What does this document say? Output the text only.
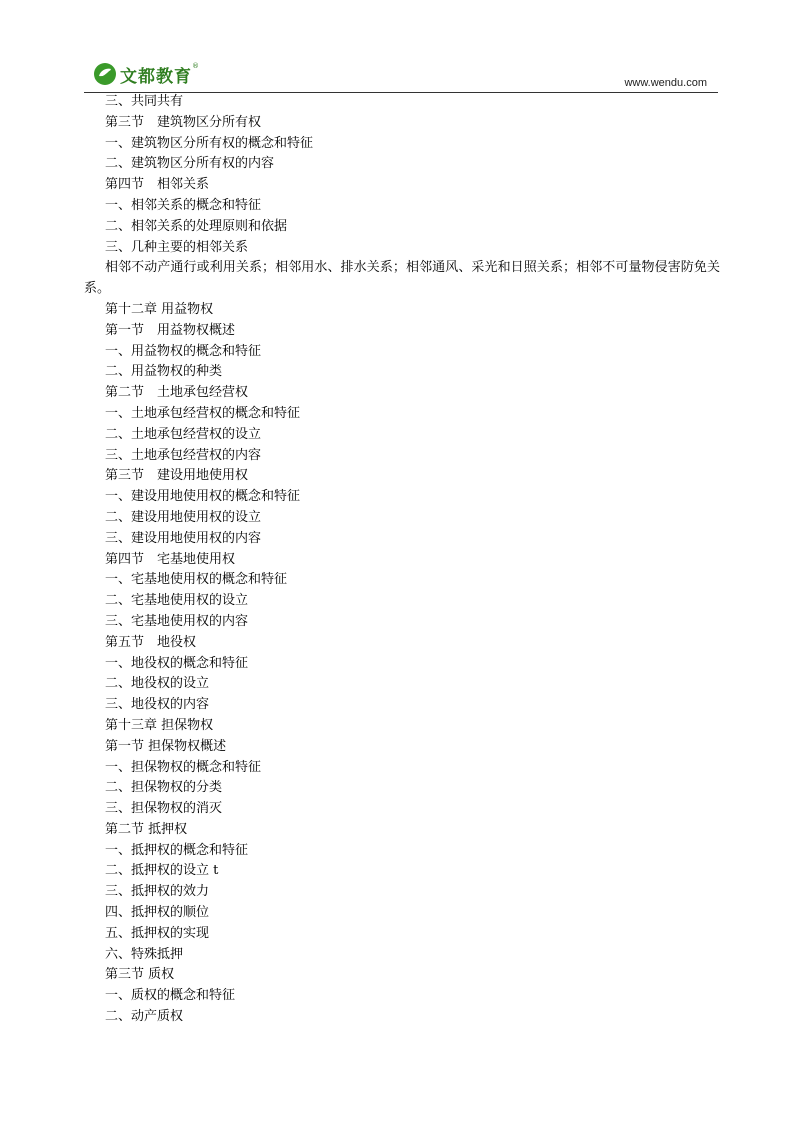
文都教育
®
www.wendu.com
三、共同共有
第三节　建筑物区分所有权
一、建筑物区分所有权的概念和特征
二、建筑物区分所有权的内容
第四节　相邻关系
一、相邻关系的概念和特征
二、相邻关系的处理原则和依据
三、几种主要的相邻关系
相邻不动产通行或利用关系；相邻用水、排水关系；相邻通风、采光和日照关系；相邻不可量物侵害防免关系。
第十二章 用益物权
第一节　用益物权概述
一、用益物权的概念和特征
二、用益物权的种类
第二节　土地承包经营权
一、土地承包经营权的概念和特征
二、土地承包经营权的设立
三、土地承包经营权的内容
第三节　建设用地使用权
一、建设用地使用权的概念和特征
二、建设用地使用权的设立
三、建设用地使用权的内容
第四节　宅基地使用权
一、宅基地使用权的概念和特征
二、宅基地使用权的设立
三、宅基地使用权的内容
第五节　地役权
一、地役权的概念和特征
二、地役权的设立
三、地役权的内容
第十三章 担保物权
第一节 担保物权概述
一、担保物权的概念和特征
二、担保物权的分类
三、担保物权的消灭
第二节 抵押权
一、抵押权的概念和特征
二、抵押权的设立 t
三、抵押权的效力
四、抵押权的顺位
五、抵押权的实现
六、特殊抵押
第三节 质权
一、质权的概念和特征
二、动产质权
